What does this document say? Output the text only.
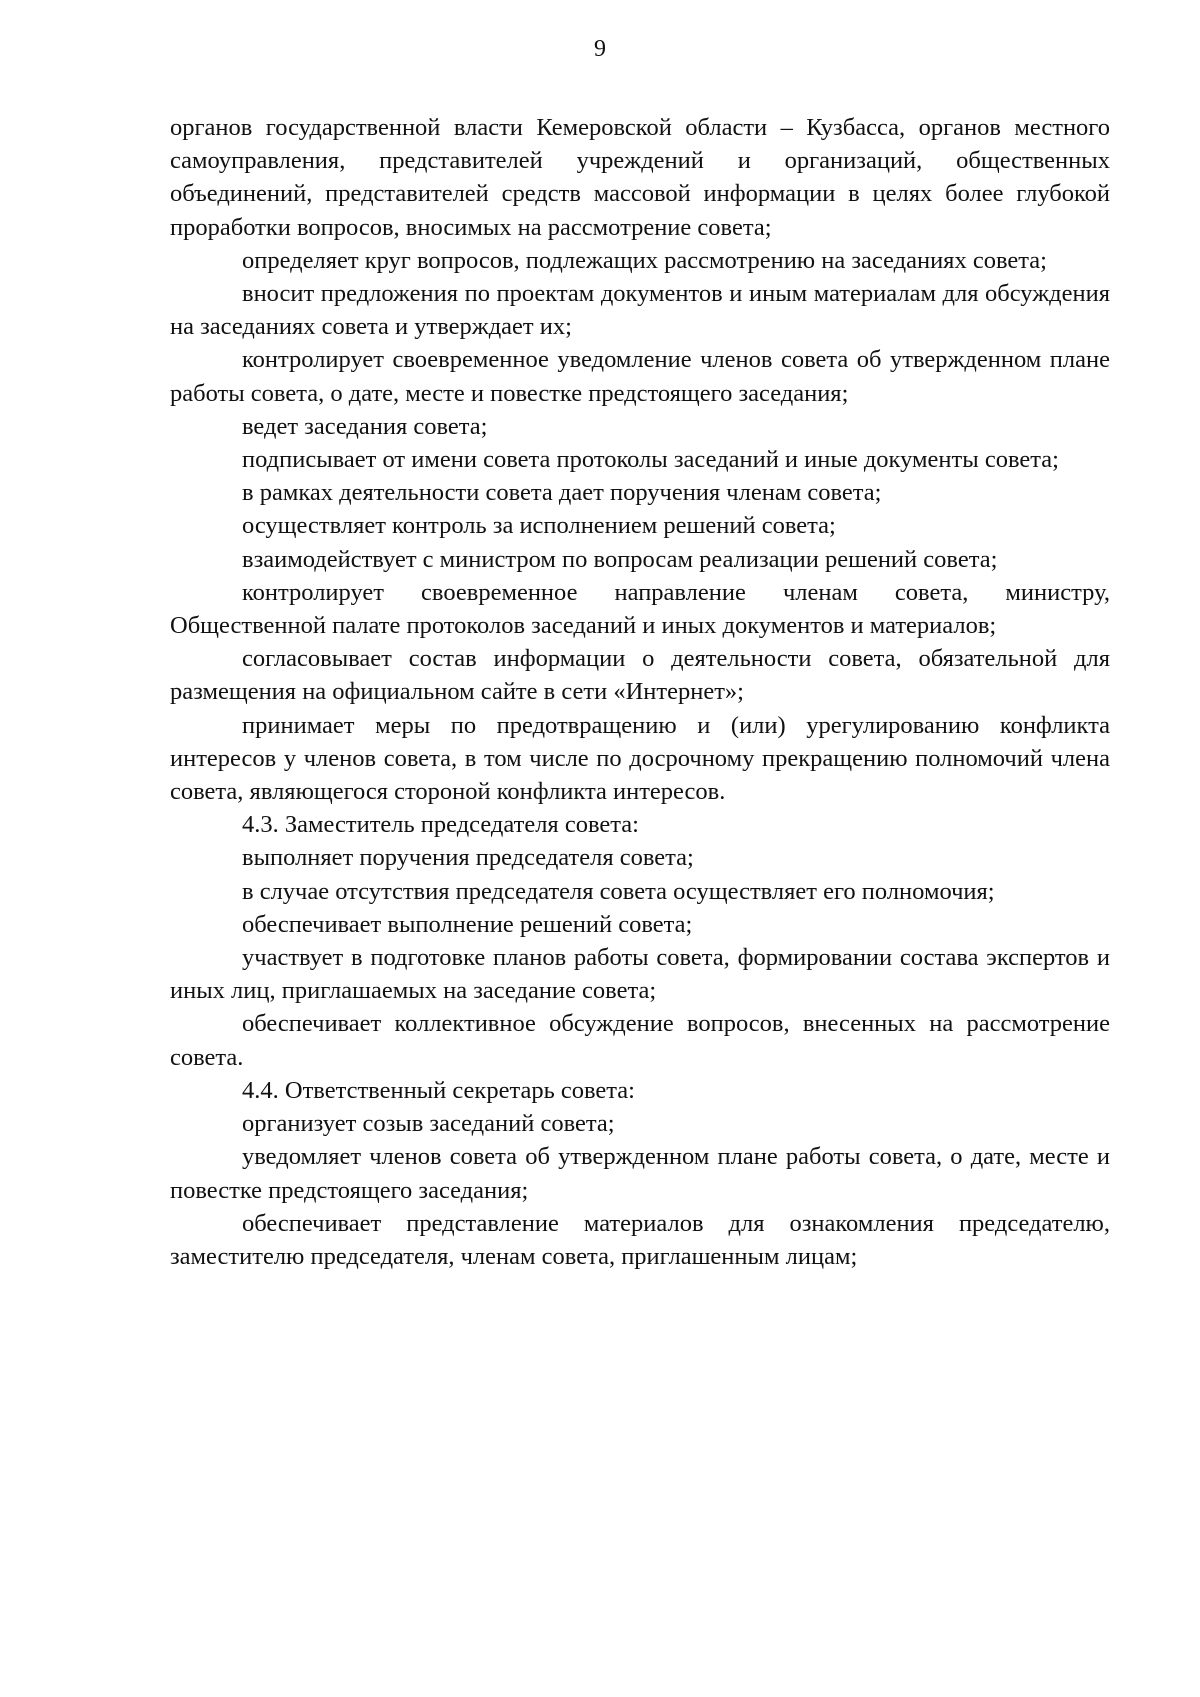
9

органов государственной власти Кемеровской области – Кузбасса, органов местного самоуправления, представителей учреждений и организаций, общественных объединений, представителей средств массовой информации в целях более глубокой проработки вопросов, вносимых на рассмотрение совета;

определяет круг вопросов, подлежащих рассмотрению на заседаниях совета;

вносит предложения по проектам документов и иным материалам для обсуждения на заседаниях совета и утверждает их;

контролирует своевременное уведомление членов совета об утвержденном плане работы совета, о дате, месте и повестке предстоящего заседания;

ведет заседания совета;

подписывает от имени совета протоколы заседаний и иные документы совета;

в рамках деятельности совета дает поручения членам совета;

осуществляет контроль за исполнением решений совета;

взаимодействует с министром по вопросам реализации решений совета;

контролирует своевременное направление членам совета, министру, Общественной палате протоколов заседаний и иных документов и материалов;

согласовывает состав информации о деятельности совета, обязательной для размещения на официальном сайте в сети «Интернет»;

принимает меры по предотвращению и (или) урегулированию конфликта интересов у членов совета, в том числе по досрочному прекращению полномочий члена совета, являющегося стороной конфликта интересов.

4.3. Заместитель председателя совета:

выполняет поручения председателя совета;

в случае отсутствия председателя совета осуществляет его полномочия;

обеспечивает выполнение решений совета;

участвует в подготовке планов работы совета, формировании состава экспертов и иных лиц, приглашаемых на заседание совета;

обеспечивает коллективное обсуждение вопросов, внесенных на рассмотрение совета.

4.4. Ответственный секретарь совета:

организует созыв заседаний совета;

уведомляет членов совета об утвержденном плане работы совета, о дате, месте и повестке предстоящего заседания;

обеспечивает представление материалов для ознакомления председателю, заместителю председателя, членам совета, приглашенным лицам;
